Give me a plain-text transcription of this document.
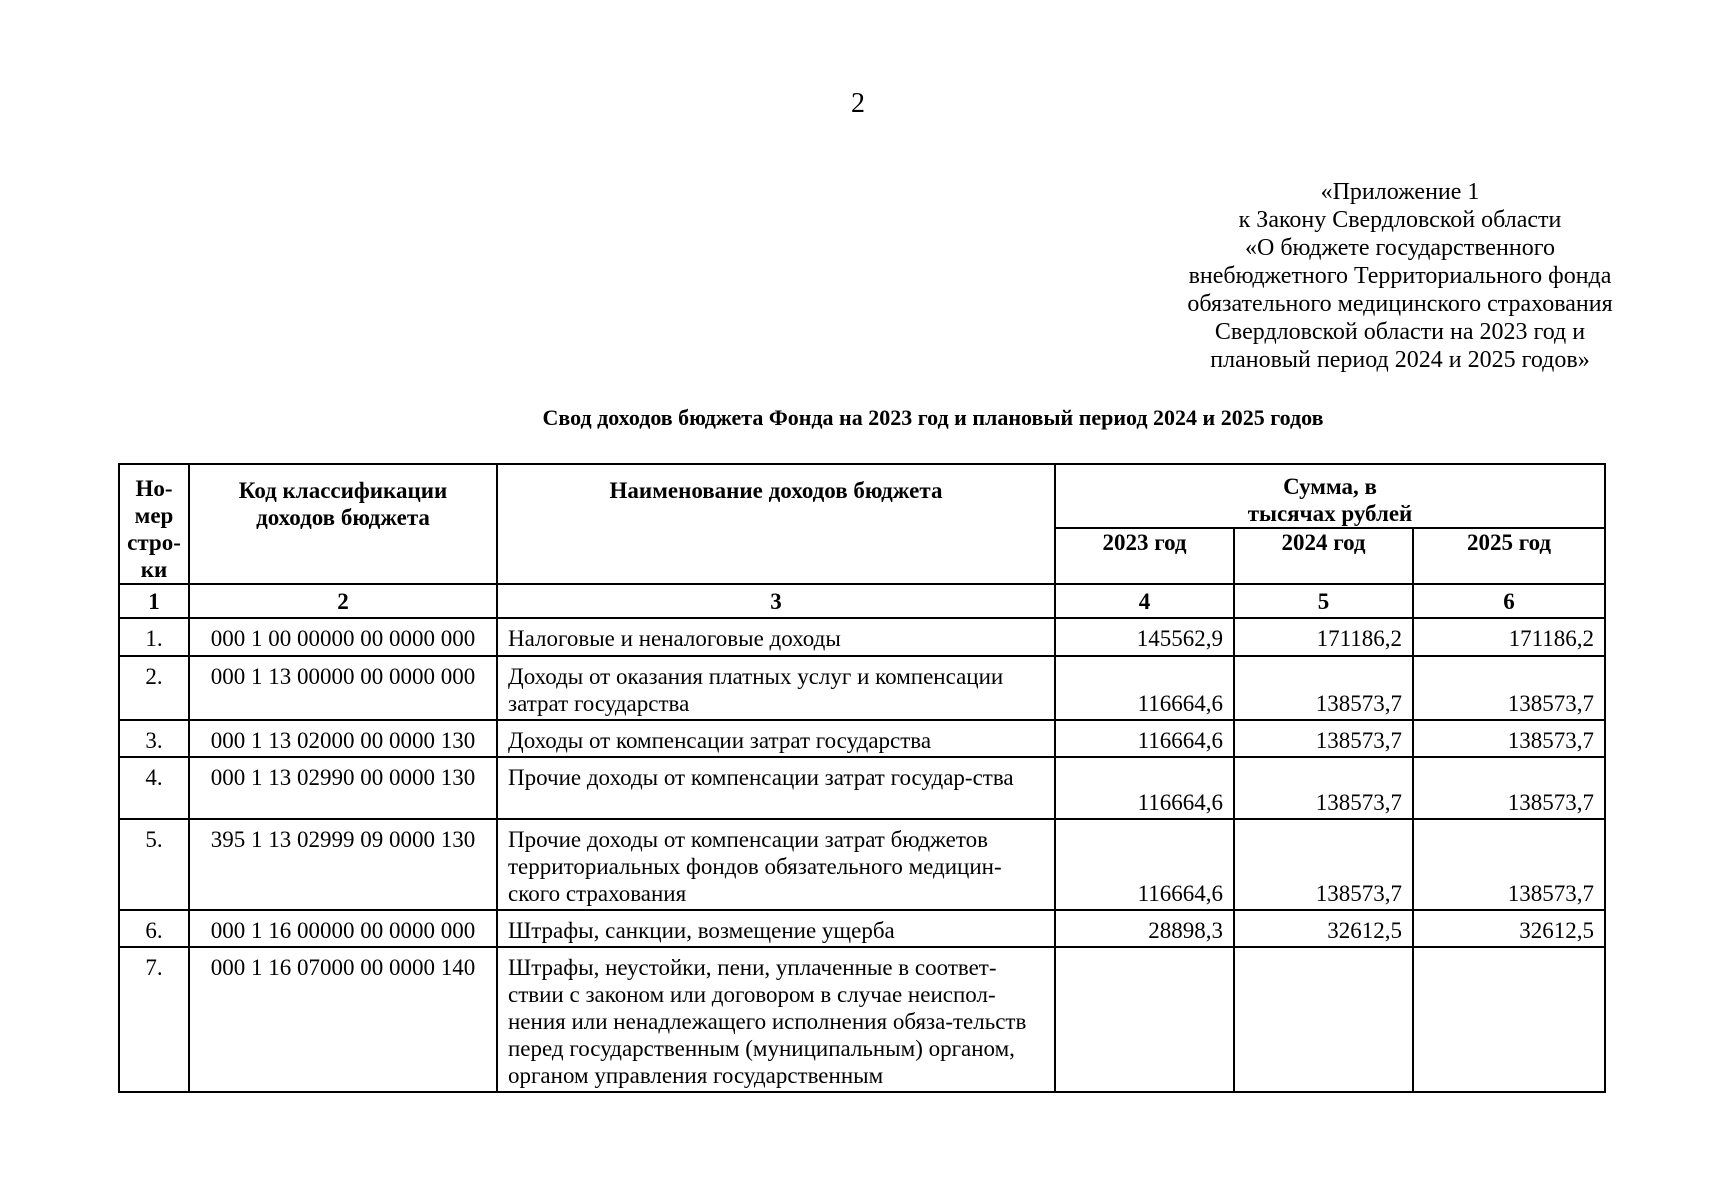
2
«Приложение 1
к Закону Свердловской области
«О бюджете государственного
внебюджетного Территориального фонда
обязательного медицинского страхования
Свердловской области на 2023 год и
плановый период 2024 и 2025 годов»
Свод доходов бюджета Фонда на 2023 год и плановый период 2024 и 2025 годов
Но-мер стро-ки	Код классификации доходов бюджета	Наименование доходов бюджета	Сумма, в тысячах рублей		
			2023 год	2024 год	2025 год
1	2	3	4	5	6
1.	000 1 00 00000 00 0000 000	Налоговые и неналоговые доходы	145562,9	171186,2	171186,2
2.	000 1 13 00000 00 0000 000	Доходы от оказания платных услуг и компенсации затрат государства	116664,6	138573,7	138573,7
3.	000 1 13 02000 00 0000 130	Доходы от компенсации затрат государства	116664,6	138573,7	138573,7
4.	000 1 13 02990 00 0000 130	Прочие доходы от компенсации затрат государ-ства	116664,6	138573,7	138573,7
5.	395 1 13 02999 09 0000 130	Прочие доходы от компенсации затрат бюджетов территориальных фондов обязательного медицин-ского страхования	116664,6	138573,7	138573,7
6.	000 1 16 00000 00 0000 000	Штрафы, санкции, возмещение ущерба	28898,3	32612,5	32612,5
7.	000 1 16 07000 00 0000 140	Штрафы, неустойки, пени, уплаченные в соответ-ствии с законом или договором в случае неиспол-нения или ненадлежащего исполнения обяза-тельств перед государственным (муниципальным) органом, органом управления государственным			
